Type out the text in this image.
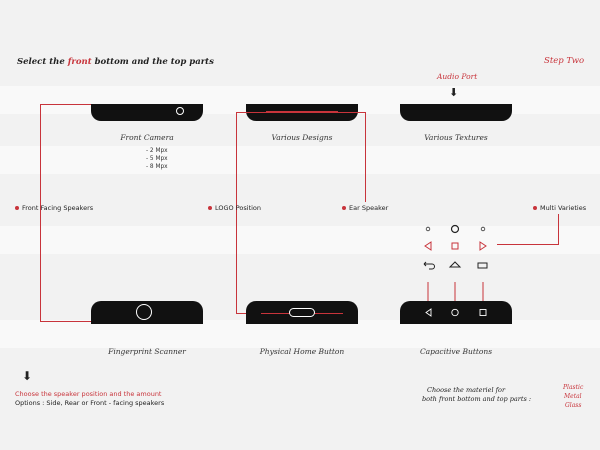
Select the front bottom and the top parts	Step Two
Audio Port
⬇
Front Camera
- 2 Mpx
- 5 Mpx
- 8 Mpx
Various Designs	Various Textures
Front Facing Speakers	LOGO Position	Ear Speaker	Multi Varieties
Fingerprint Scanner	Physical Home Button	Capacitive Buttons
⬇
Choose the speaker position and the amount
Options : Side, Rear or Front - facing speakers
Choose the materiel for
both front bottom and top parts :
Plastic
Metal
Glass
